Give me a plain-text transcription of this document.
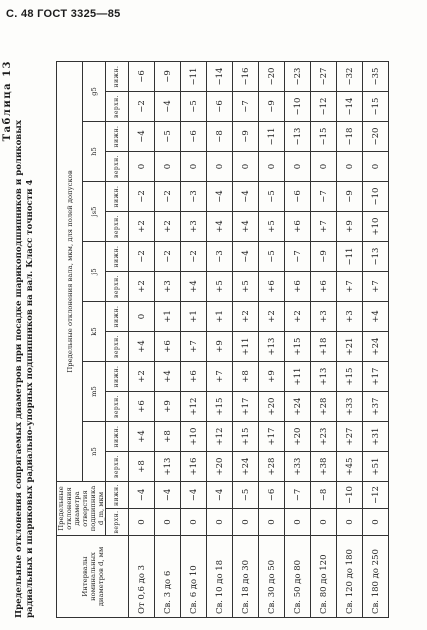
С. 48 ГОСТ 3325—85
Таблица 13
Предельные отклонения сопрягаемых диаметров при посадке шарикоподшипников и роликовых радиальных и шариковых радиально-упорных подшипников на вал. Класс точности 4	Интервалы номинальных диаметров d, мм	Предельные отклонения диаметра отверстия подшипника d_m, мкм		Предельные отклонения вала, мкм, для полей допусков													
			n5		m5		k5		j5		js5		h5		g5	
	верхн.	нижн.	верхн.	нижн.	верхн.	нижн.	верхн.	нижн.	верхн.	нижн.	верхн.	нижн.	верхн.	нижн.	верхн.	нижн.
От 0,6 до 3	0	−4	+8	+4	+6	+2	+4	0	+2	−2	+2	−2	0	−4	−2	−6
Св. 3 до 6	0	−4	+13	+8	+9	+4	+6	+1	+3	−2	+2	−2	0	−5	−4	−9
Св. 6 до 10	0	−4	+16	+10	+12	+6	+7	+1	+4	−2	+3	−3	0	−6	−5	−11
Св. 10 до 18	0	−4	+20	+12	+15	+7	+9	+1	+5	−3	+4	−4	0	−8	−6	−14
Св. 18 до 30	0	−5	+24	+15	+17	+8	+11	+2	+5	−4	+4	−4	0	−9	−7	−16
Св. 30 до 50	0	−6	+28	+17	+20	+9	+13	+2	+6	−5	+5	−5	0	−11	−9	−20
Св. 50 до 80	0	−7	+33	+20	+24	+11	+15	+2	+6	−7	+6	−6	0	−13	−10	−23
Св. 80 до 120	0	−8	+38	+23	+28	+13	+18	+3	+6	−9	+7	−7	0	−15	−12	−27
Св. 120 до 180	0	−10	+45	+27	+33	+15	+21	+3	+7	−11	+9	−9	0	−18	−14	−32
Св. 180 до 250	0	−12	+51	+31	+37	+17	+24	+4	+7	−13	+10	−10	0	−20	−15	−35
